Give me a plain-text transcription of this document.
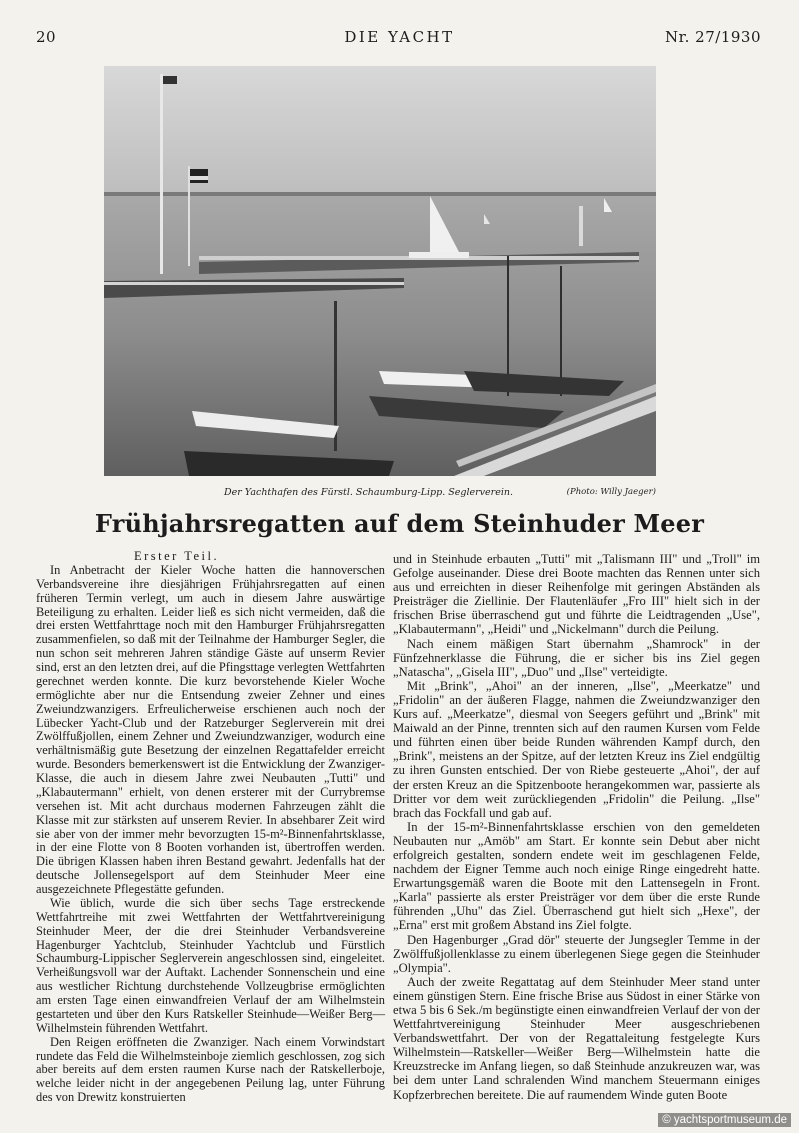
20	DIE YACHT	Nr. 27/1930
Der Yachthafen des Fürstl. Schaumburg-Lipp. Seglerverein.	(Photo: Willy Jaeger)
Frühjahrsregatten auf dem Steinhuder Meer

Erster Teil.

In Anbetracht der Kieler Woche hatten die hannoverschen Verbandsvereine ihre diesjährigen Frühjahrsregatten auf einen früheren Termin verlegt, um auch in diesem Jahre auswärtige Beteiligung zu erhalten. Leider ließ es sich nicht vermeiden, daß die drei ersten Wettfahrttage noch mit den Hamburger Frühjahrsregatten zusammenfielen, so daß mit der Teilnahme der Hamburger Segler, die nun schon seit mehreren Jahren ständige Gäste auf unserm Revier sind, erst an den letzten drei, auf die Pfingsttage verlegten Wettfahrten gerechnet werden konnte. Die kurz bevorstehende Kieler Woche ermöglichte aber nur die Entsendung zweier Zehner und eines Zweiundzwanzigers. Erfreulicherweise erschienen auch noch der Lübecker Yacht-Club und der Ratzeburger Seglerverein mit drei Zwölffußjollen, einem Zehner und Zweiundzwanziger, wodurch eine verhältnismäßig gute Besetzung der einzelnen Regattafelder erreicht wurde. Besonders bemerkenswert ist die Entwicklung der Zwanziger-Klasse, die auch in diesem Jahre zwei Neubauten „Tutti" und „Klabautermann" erhielt, von denen ersterer mit der Currybremse versehen ist. Mit acht durchaus modernen Fahrzeugen zählt die Klasse mit zur stärksten auf unserem Revier. In absehbarer Zeit wird sie aber von der immer mehr bevorzugten 15-m²-Binnenfahrtsklasse, in der eine Flotte von 8 Booten vorhanden ist, übertroffen werden. Die übrigen Klassen haben ihren Bestand gewahrt. Jedenfalls hat der deutsche Jollensegelsport auf dem Steinhuder Meer eine ausgezeichnete Pflegestätte gefunden.

Wie üblich, wurde die sich über sechs Tage erstreckende Wettfahrtreihe mit zwei Wettfahrten der Wettfahrtvereinigung Steinhuder Meer, der die drei Steinhuder Verbandsvereine Hagenburger Yachtclub, Steinhuder Yachtclub und Fürstlich Schaumburg-Lippischer Seglerverein angeschlossen sind, eingeleitet. Verheißungsvoll war der Auftakt. Lachender Sonnenschein und eine aus westlicher Richtung durchstehende Vollzeugbrise ermöglichten am ersten Tage einen einwandfreien Verlauf der am Wilhelmstein gestarteten und über den Kurs Ratskeller Steinhude—Weißer Berg—Wilhelmstein führenden Wettfahrt.

Den Reigen eröffneten die Zwanziger. Nach einem Vorwindstart rundete das Feld die Wilhelmsteinboje ziemlich geschlossen, zog sich aber bereits auf dem ersten raumen Kurse nach der Ratskellerboje, welche leider nicht in der angegebenen Peilung lag, unter Führung des von Drewitz konstruierten

und in Steinhude erbauten „Tutti" mit „Talismann III" und „Troll" im Gefolge auseinander. Diese drei Boote machten das Rennen unter sich aus und erreichten in dieser Reihenfolge mit geringen Abständen als Preisträger die Ziellinie. Der Flautenläufer „Fro III" hielt sich in der frischen Brise überraschend gut und führte die Leidtragenden „Use", „Klabautermann", „Heidi" und „Nickelmann" durch die Peilung.

Nach einem mäßigen Start übernahm „Shamrock" in der Fünfzehnerklasse die Führung, die er sicher bis ins Ziel gegen „Natascha", „Gisela III", „Duo" und „Ilse" verteidigte.

Mit „Brink", „Ahoi" an der inneren, „Ilse", „Meerkatze" und „Fridolin" an der äußeren Flagge, nahmen die Zweiundzwanziger den Kurs auf. „Meerkatze", diesmal von Seegers geführt und „Brink" mit Maiwald an der Pinne, trennten sich auf den raumen Kursen vom Felde und führten einen über beide Runden währenden Kampf durch, den „Brink", meistens an der Spitze, auf der letzten Kreuz ins Ziel endgültig zu ihren Gunsten entschied. Der von Riebe gesteuerte „Ahoi", der auf der ersten Kreuz an die Spitzenboote herangekommen war, passierte als Dritter vor dem weit zurückliegenden „Fridolin" die Peilung. „Ilse" brach das Fockfall und gab auf.

In der 15-m²-Binnenfahrtsklasse erschien von den gemeldeten Neubauten nur „Amöb" am Start. Er konnte sein Debut aber nicht erfolgreich gestalten, sondern endete weit im geschlagenen Felde, nachdem der Eigner Temme auch noch einige Ringe eingedreht hatte. Erwartungsgemäß waren die Boote mit den Lattensegeln in Front. „Karla" passierte als erster Preisträger vor dem über die erste Runde führenden „Uhu" das Ziel. Überraschend gut hielt sich „Hexe", der „Erna" erst mit großem Abstand ins Ziel folgte.

Den Hagenburger „Grad dör" steuerte der Jungsegler Temme in der Zwölffußjollenklasse zu einem überlegenen Siege gegen die Steinhuder „Olympia".

Auch der zweite Regattatag auf dem Steinhuder Meer stand unter einem günstigen Stern. Eine frische Brise aus Südost in einer Stärke von etwa 5 bis 6 Sek./m begünstigte einen einwandfreien Verlauf der von der Wettfahrtvereinigung Steinhuder Meer ausgeschriebenen Verbandswettfahrt. Der von der Regattaleitung festgelegte Kurs Wilhelmstein—Ratskeller—Weißer Berg—Wilhelmstein hatte die Kreuzstrecke im Anfang liegen, so daß Steinhude anzukreuzen war, was bei dem unter Land schralenden Wind manchem Steuermann einiges Kopfzerbrechen bereitete. Die auf raumendem Winde guten Boote

© yachtsportmuseum.de
